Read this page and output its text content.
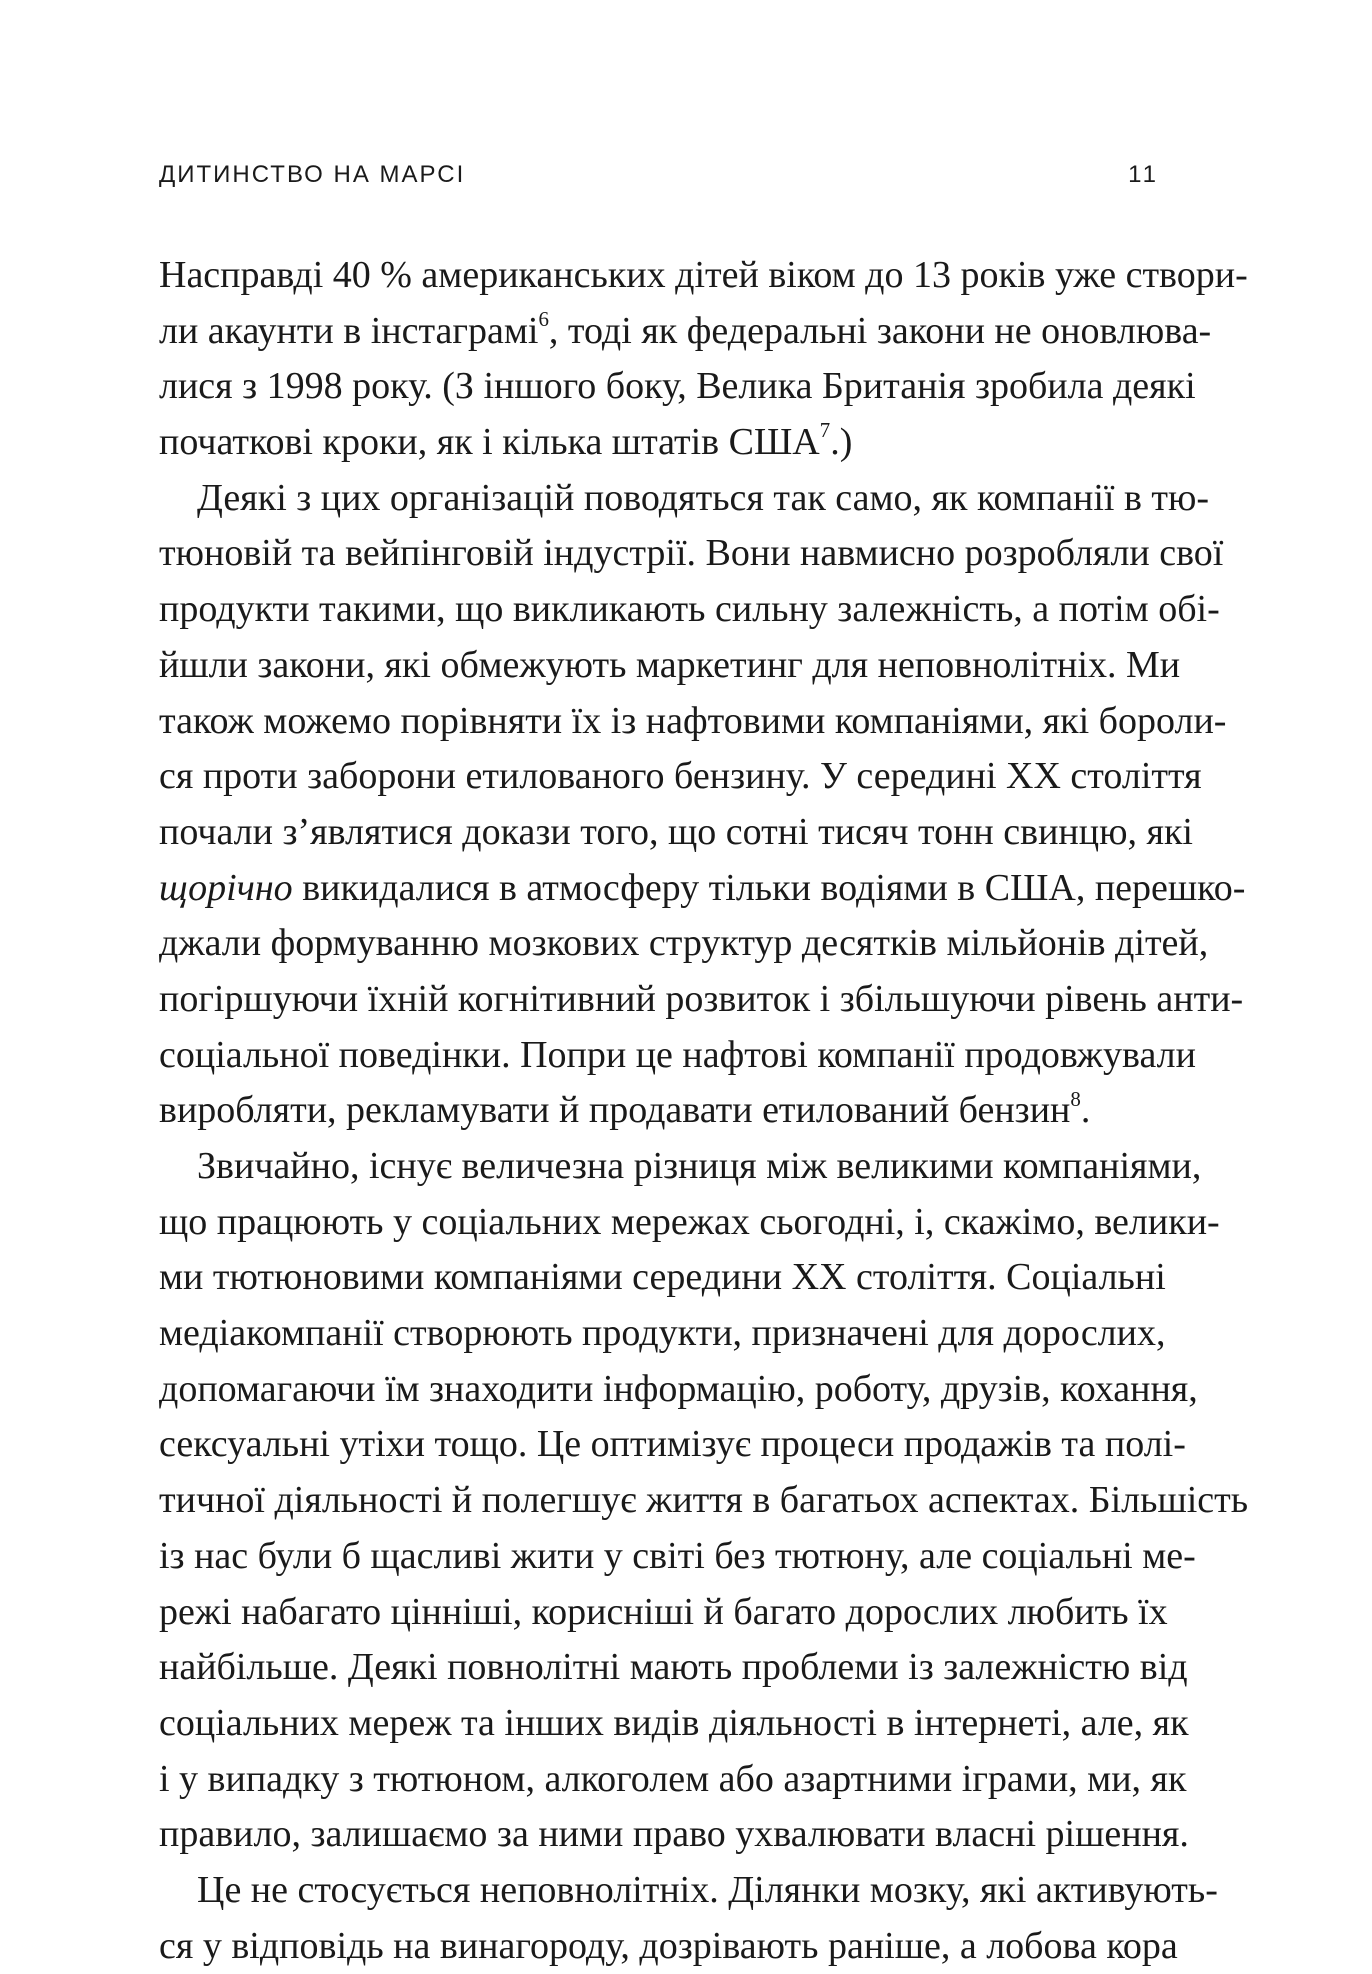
ДИТИНСТВО НА МАРСІ	11
Насправді 40 % американських дітей віком до 13 років уже створи-
ли акаунти в інстаграмі$^6$, тоді як федеральні закони не оновлюва-
лися з 1998 року. (З іншого боку, Велика Британія зробила деякі
початкові кроки, як і кілька штатів США$^7$.)
Деякі з цих організацій поводяться так само, як компанії в тю-
тюновій та вейпінговій індустрії. Вони навмисно розробляли свої
продукти такими, що викликають сильну залежність, а потім обі-
йшли закони, які обмежують маркетинг для неповнолітніх. Ми
також можемо порівняти їх із нафтовими компаніями, які бороли-
ся проти заборони етилованого бензину. У середині XX століття
почали з’являтися докази того, що сотні тисяч тонн свинцю, які
щорічно викидалися в атмосферу тільки водіями в США, перешко-
джали формуванню мозкових структур десятків мільйонів дітей,
погіршуючи їхній когнітивний розвиток і збільшуючи рівень анти-
соціальної поведінки. Попри це нафтові компанії продовжували
виробляти, рекламувати й продавати етилований бензин$^8$.
Звичайно, існує величезна різниця між великими компаніями,
що працюють у соціальних мережах сьогодні, і, скажімо, велики-
ми тютюновими компаніями середини XX століття. Соціальні
медіакомпанії створюють продукти, призначені для дорослих,
допомагаючи їм знаходити інформацію, роботу, друзів, кохання,
сексуальні утіхи тощо. Це оптимізує процеси продажів та полі-
тичної діяльності й полегшує життя в багатьох аспектах. Більшість
із нас були б щасливі жити у світі без тютюну, але соціальні ме-
режі набагато цінніші, корисніші й багато дорослих любить їх
найбільше. Деякі повнолітні мають проблеми із залежністю від
соціальних мереж та інших видів діяльності в інтернеті, але, як
і у випадку з тютюном, алкоголем або азартними іграми, ми, як
правило, залишаємо за ними право ухвалювати власні рішення.
Це не стосується неповнолітніх. Ділянки мозку, які активують-
ся у відповідь на винагороду, дозрівають раніше, а лобова кора
